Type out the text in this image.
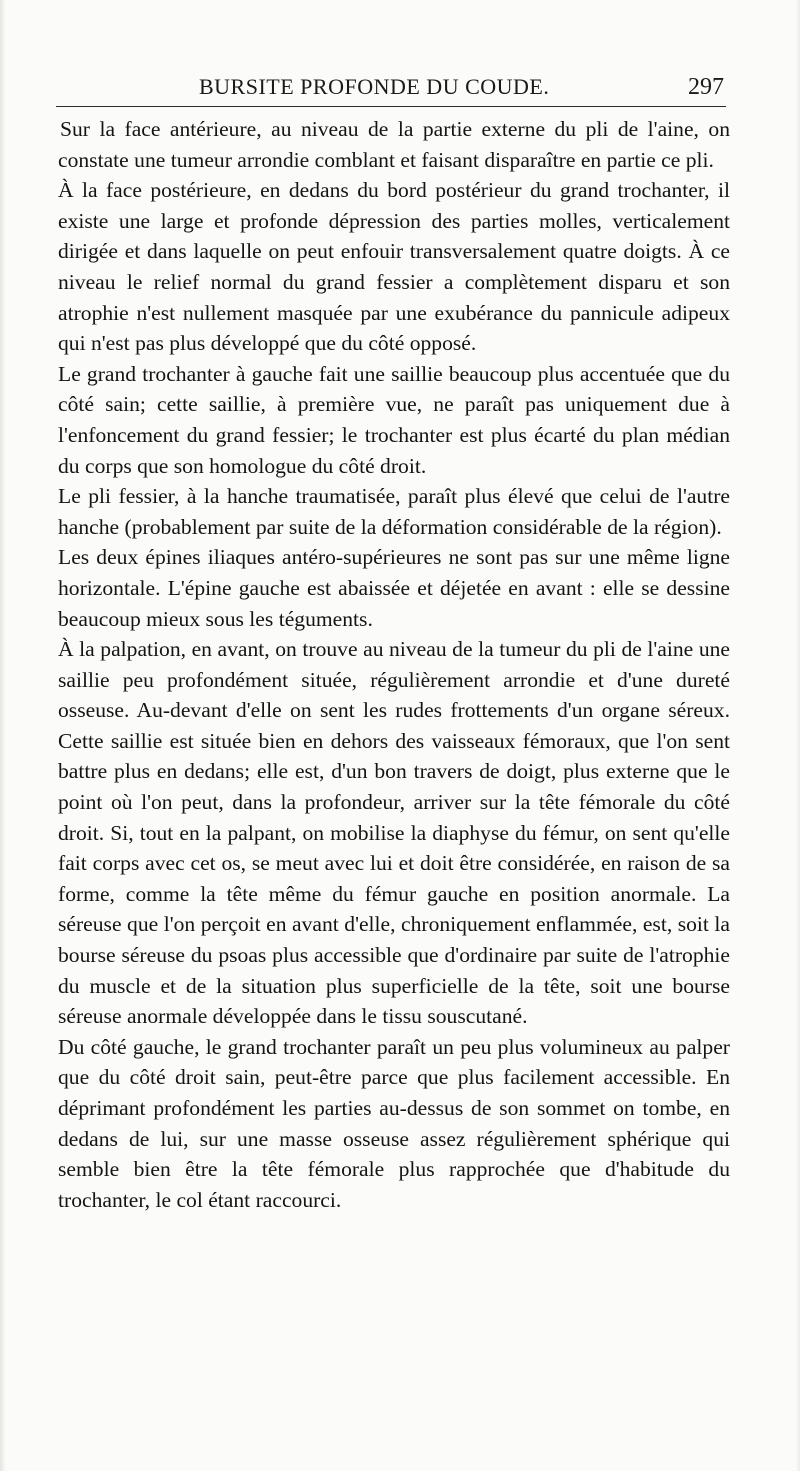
BURSITE PROFONDE DU COUDE.	297

Sur la face antérieure, au niveau de la partie externe du pli de l'aine, on constate une tumeur arrondie comblant et faisant disparaître en partie ce pli.

À la face postérieure, en dedans du bord postérieur du grand trochanter, il existe une large et profonde dépression des parties molles, verticalement dirigée et dans laquelle on peut enfouir transversalement quatre doigts. À ce niveau le relief normal du grand fessier a complètement disparu et son atrophie n'est nullement masquée par une exubérance du pannicule adipeux qui n'est pas plus développé que du côté opposé.

Le grand trochanter à gauche fait une saillie beaucoup plus accentuée que du côté sain; cette saillie, à première vue, ne paraît pas uniquement due à l'enfoncement du grand fessier; le trochanter est plus écarté du plan médian du corps que son homologue du côté droit.

Le pli fessier, à la hanche traumatisée, paraît plus élevé que celui de l'autre hanche (probablement par suite de la déformation considérable de la région).

Les deux épines iliaques antéro-supérieures ne sont pas sur une même ligne horizontale. L'épine gauche est abaissée et déjetée en avant : elle se dessine beaucoup mieux sous les téguments.

À la palpation, en avant, on trouve au niveau de la tumeur du pli de l'aine une saillie peu profondément située, régulièrement arrondie et d'une dureté osseuse. Au-devant d'elle on sent les rudes frottements d'un organe séreux. Cette saillie est située bien en dehors des vaisseaux fémoraux, que l'on sent battre plus en dedans; elle est, d'un bon travers de doigt, plus externe que le point où l'on peut, dans la profondeur, arriver sur la tête fémorale du côté droit. Si, tout en la palpant, on mobilise la diaphyse du fémur, on sent qu'elle fait corps avec cet os, se meut avec lui et doit être considérée, en raison de sa forme, comme la tête même du fémur gauche en position anormale. La séreuse que l'on perçoit en avant d'elle, chroniquement enflammée, est, soit la bourse séreuse du psoas plus accessible que d'ordinaire par suite de l'atrophie du muscle et de la situation plus superficielle de la tête, soit une bourse séreuse anormale développée dans le tissu souscutané.

Du côté gauche, le grand trochanter paraît un peu plus volumineux au palper que du côté droit sain, peut-être parce que plus facilement accessible. En déprimant profondément les parties au-dessus de son sommet on tombe, en dedans de lui, sur une masse osseuse assez régulièrement sphérique qui semble bien être la tête fémorale plus rapprochée que d'habitude du trochanter, le col étant raccourci.
